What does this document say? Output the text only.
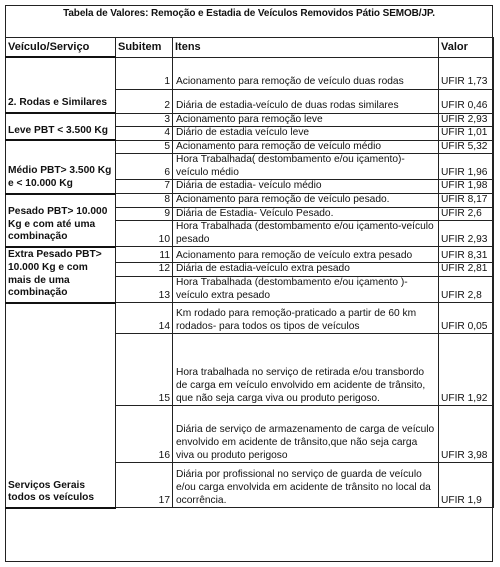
Tabela de Valores: Remoção e Estadia de Veículos Removidos Pátio SEMOB/JP.
Veículo/Serviço	Subitem	Itens	Valor
2. Rodas e Similares	1	Acionamento para remoção de veículo duas rodas	UFIR 1,73
	2	Diária de estadia-veículo de duas rodas similares	UFIR 0,46
Leve PBT < 3.500 Kg	3	Acionamento para remoção leve	UFIR 2,93
	4	Diário de estadia veículo leve	UFIR 1,01
Médio PBT> 3.500 Kg e < 10.000 Kg	5	Acionamento para remoção de veículo médio	UFIR 5,32
	6	Hora Trabalhada( destombamento e/ou içamento)-veículo médio	UFIR 1,96
	7	Diária de estadia- veículo médio	UFIR 1,98
Pesado PBT> 10.000 Kg e com até uma combinação	8	Acionamento para remoção de veículo pesado.	UFIR 8,17
	9	Diária de Estadia- Veículo Pesado.	UFIR 2,6
	10	Hora Trabalhada (destombamento e/ou içamento-veículo pesado	UFIR 2,93
Extra Pesado PBT> 10.000 Kg e com mais de uma combinação	11	Acionamento para remoção de veículo extra pesado	UFIR 8,31
	12	Diária de estadia-veículo extra pesado	UFIR 2,81
	13	Hora Trabalhada (destombamento e/ou içamento )-veículo extra pesado	UFIR 2,8
Serviços Gerais todos os veículos	14	Km rodado para remoção-praticado a partir de 60 km rodados- para todos os tipos de veículos	UFIR 0,05
	15	Hora trabalhada no serviço de retirada e/ou transbordo de carga em veículo envolvido em acidente de trânsito, que não seja carga viva ou produto perigoso.	UFIR 1,92
	16	Diária de serviço de armazenamento de carga de veículo envolvido em acidente de trânsito,que não seja carga viva ou produto perigoso	UFIR 3,98
	17	Diária por profissional no serviço de guarda de veículo e/ou carga envolvida em acidente de trânsito no local da ocorrência.	UFIR 1,9
